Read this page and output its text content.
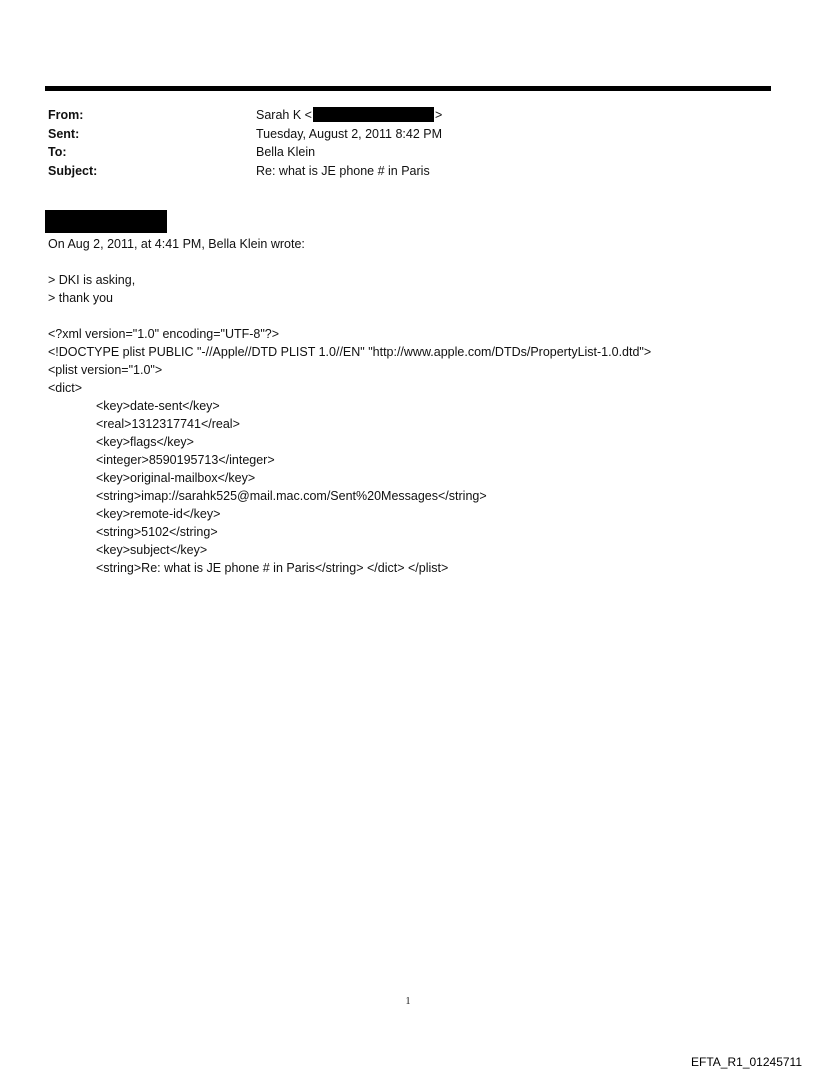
From:	Sarah K <	>
Sent:	Tuesday, August 2, 2011 8:42 PM
To:	Bella Klein
Subject:	Re: what is JE phone # in Paris
On Aug 2, 2011, at 4:41 PM, Bella Klein wrote:
> DKI is asking,
> thank you
<?xml version="1.0" encoding="UTF-8"?>
<!DOCTYPE plist PUBLIC "-//Apple//DTD PLIST 1.0//EN" "http://www.apple.com/DTDs/PropertyList-1.0.dtd">
<plist version="1.0">
<dict>
<key>date-sent</key>
<real>1312317741</real>
<key>flags</key>
<integer>8590195713</integer>
<key>original-mailbox</key>
<string>imap://sarahk525@mail.mac.com/Sent%20Messages</string>
<key>remote-id</key>
<string>5102</string>
<key>subject</key>
<string>Re: what is JE phone # in Paris</string> </dict> </plist>
1
EFTA_R1_01245711
